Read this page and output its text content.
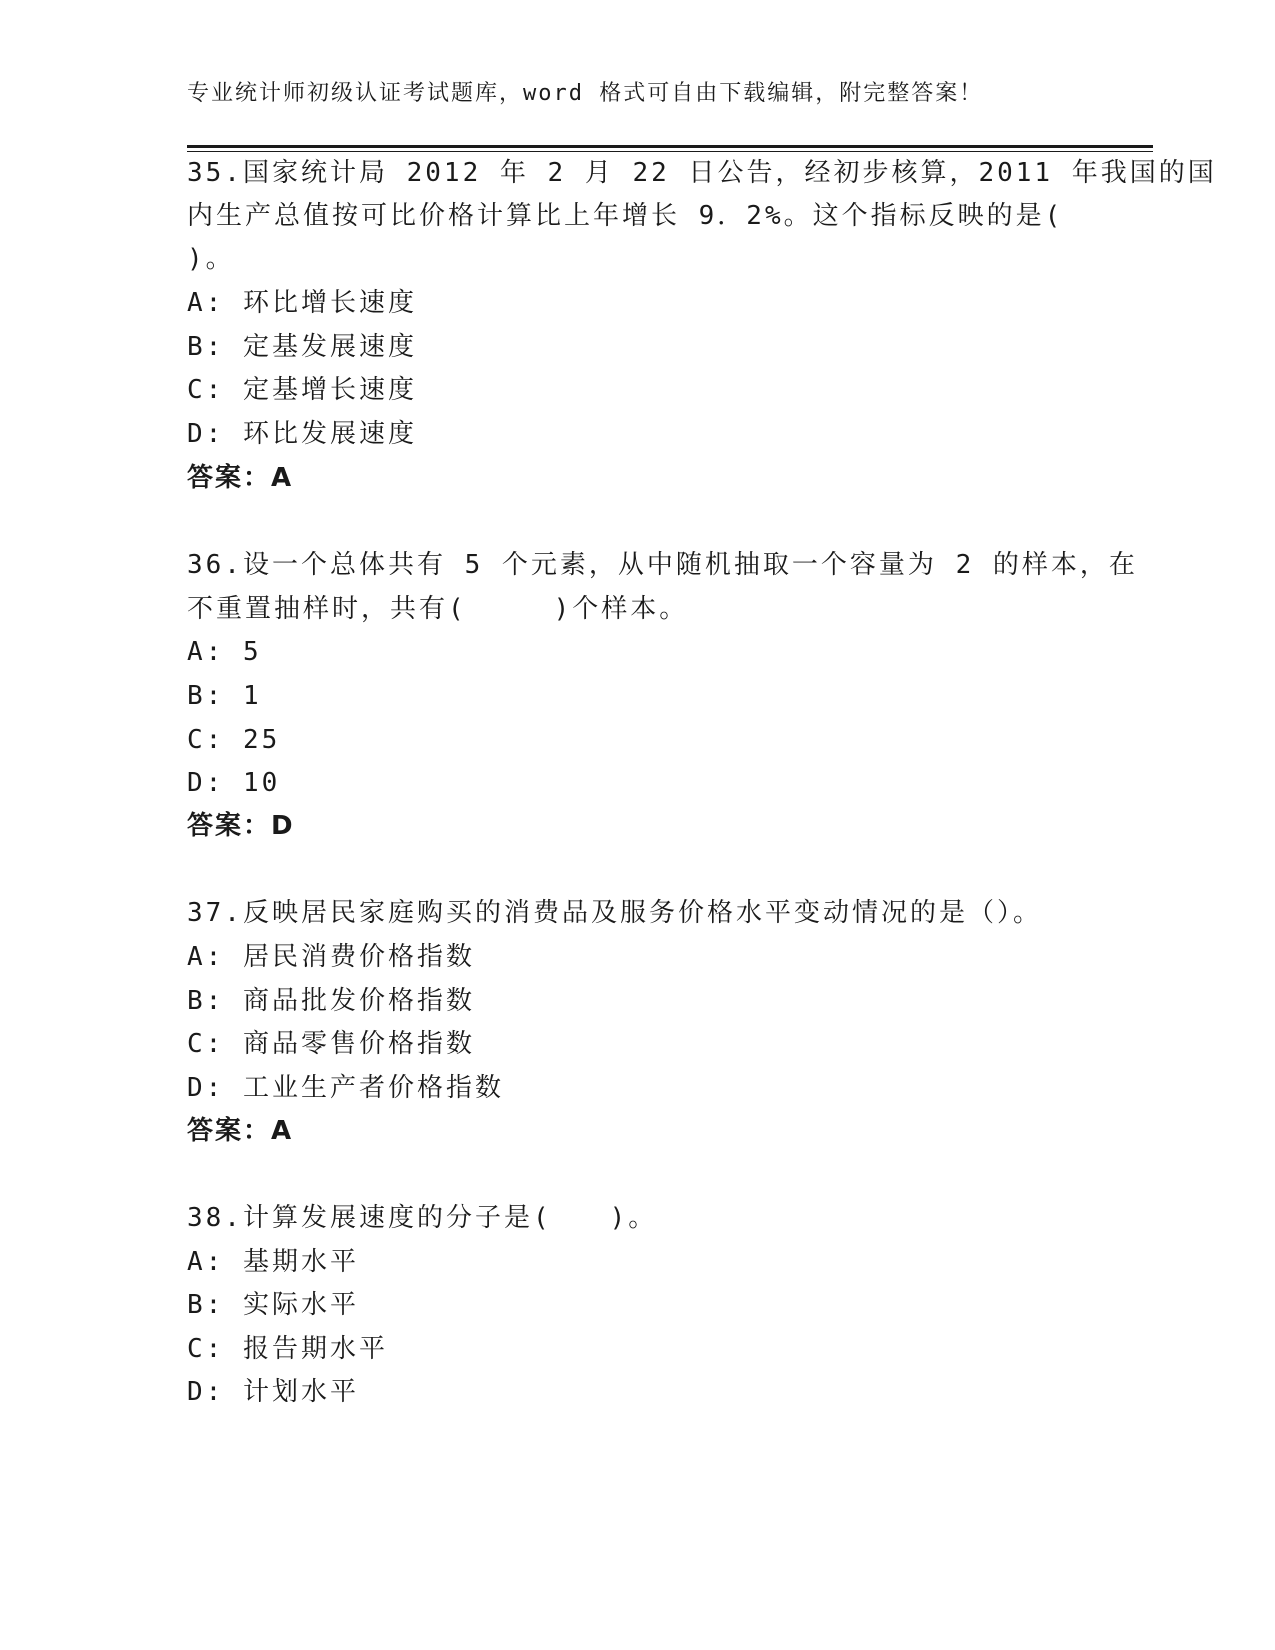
专业统计师初级认证考试题库，word 格式可自由下载编辑，附完整答案！
35.国家统计局 2012 年 2 月 22 日公告，经初步核算，2011 年我国的国
内生产总值按可比价格计算比上年增长 9．2%。这个指标反映的是(
)。
A: 环比增长速度
B: 定基发展速度
C: 定基增长速度
D: 环比发展速度
答案：A
36.设一个总体共有 5 个元素，从中随机抽取一个容量为 2 的样本，在
不重置抽样时，共有(　　　)个样本。
A: 5
B: 1
C: 25
D: 10
答案：D
37.反映居民家庭购买的消费品及服务价格水平变动情况的是（）。
A: 居民消费价格指数
B: 商品批发价格指数
C: 商品零售价格指数
D: 工业生产者价格指数
答案：A
38.计算发展速度的分子是(　　)。
A: 基期水平
B: 实际水平
C: 报告期水平
D: 计划水平
